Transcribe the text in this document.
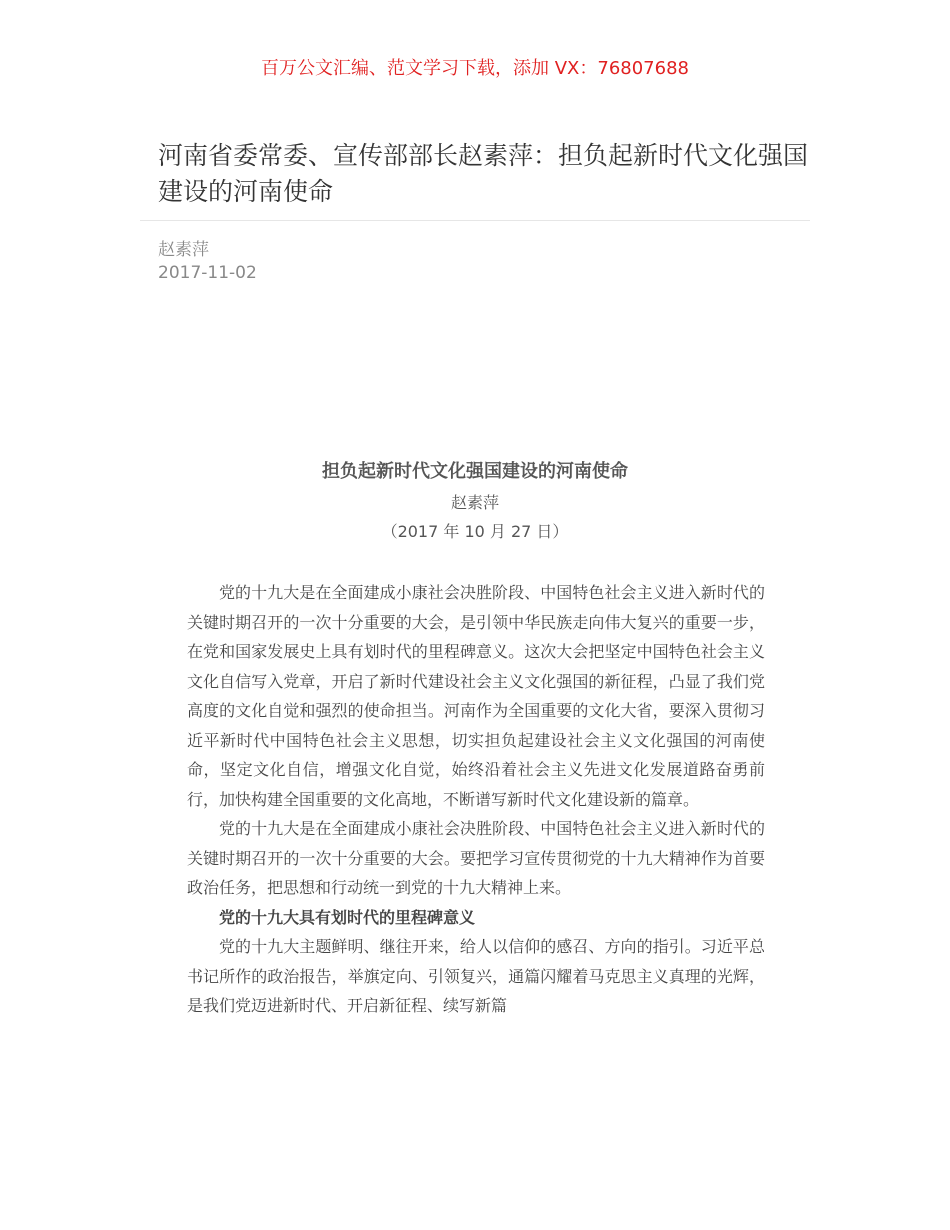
百万公文汇编、范文学习下载，添加 VX：76807688
河南省委常委、宣传部部长赵素萍：担负起新时代文化强国建设的河南使命
赵素萍
2017-11-02
担负起新时代文化强国建设的河南使命
赵素萍
（2017 年 10 月 27 日）

党的十九大是在全面建成小康社会决胜阶段、中国特色社会主义进入新时代的关键时期召开的一次十分重要的大会，是引领中华民族走向伟大复兴的重要一步，在党和国家发展史上具有划时代的里程碑意义。这次大会把坚定中国特色社会主义文化自信写入党章，开启了新时代建设社会主义文化强国的新征程，凸显了我们党高度的文化自觉和强烈的使命担当。河南作为全国重要的文化大省，要深入贯彻习近平新时代中国特色社会主义思想，切实担负起建设社会主义文化强国的河南使命，坚定文化自信，增强文化自觉，始终沿着社会主义先进文化发展道路奋勇前行，加快构建全国重要的文化高地，不断谱写新时代文化建设新的篇章。

党的十九大是在全面建成小康社会决胜阶段、中国特色社会主义进入新时代的关键时期召开的一次十分重要的大会。要把学习宣传贯彻党的十九大精神作为首要政治任务，把思想和行动统一到党的十九大精神上来。

党的十九大具有划时代的里程碑意义

党的十九大主题鲜明、继往开来，给人以信仰的感召、方向的指引。习近平总书记所作的政治报告，举旗定向、引领复兴，通篇闪耀着马克思主义真理的光辉，是我们党迈进新时代、开启新征程、续写新篇
